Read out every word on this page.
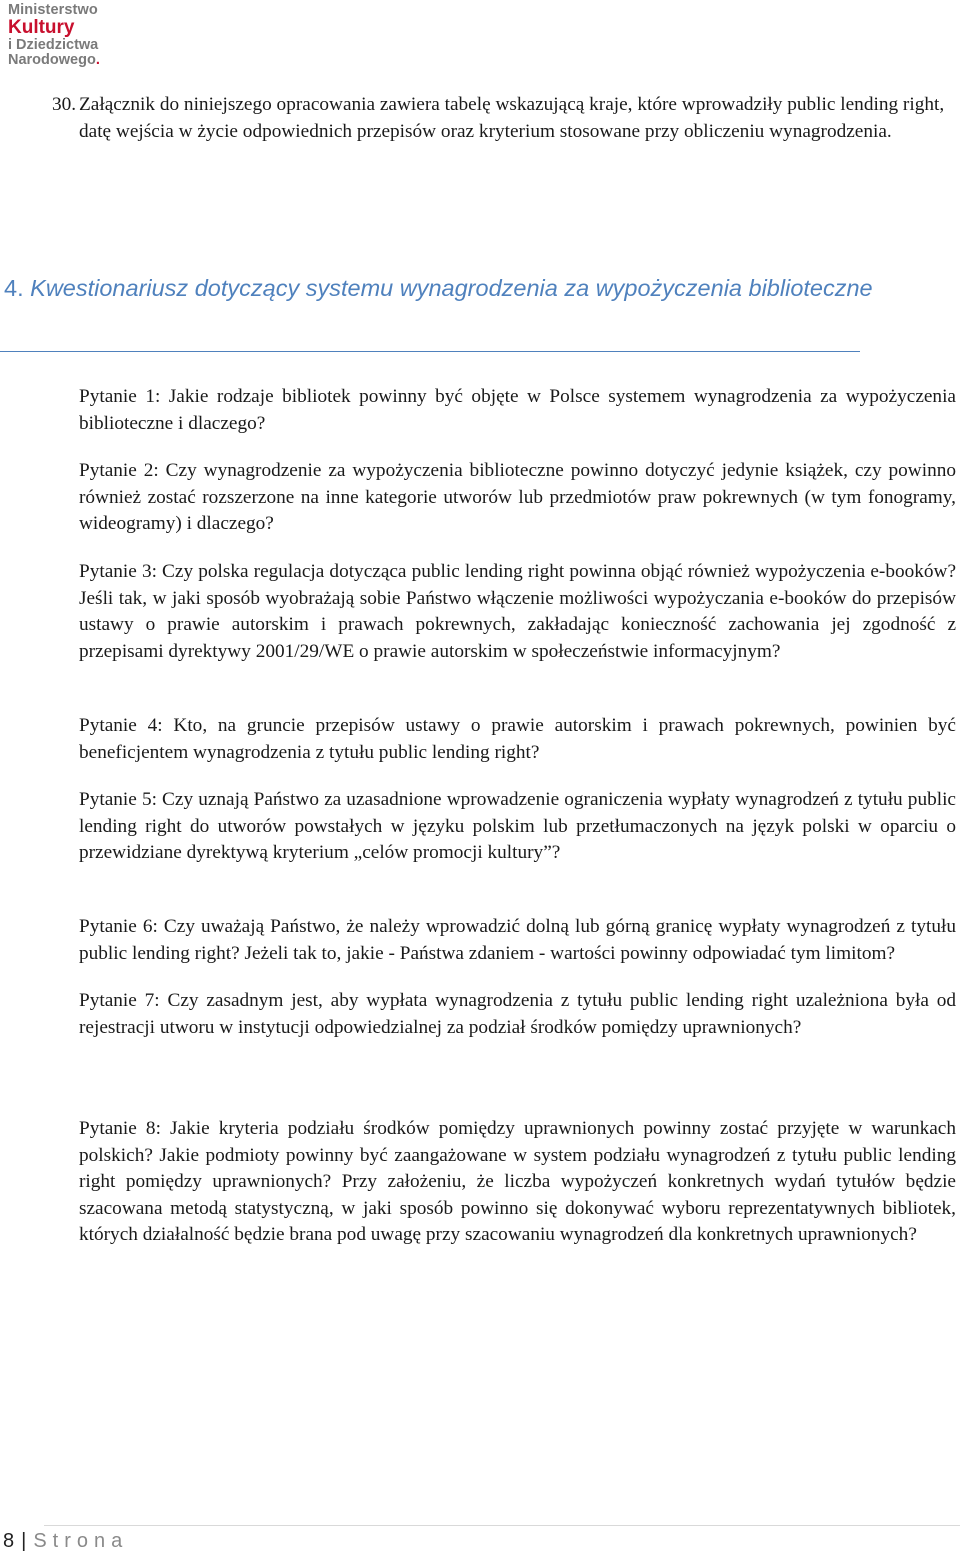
Ministerstwo
Kultury
i Dziedzictwa
Narodowego.
30. Załącznik do niniejszego opracowania zawiera tabelę wskazującą kraje, które wprowadziły public lending right, datę wejścia w życie odpowiednich przepisów oraz kryterium stosowane przy obliczeniu wynagrodzenia.
4. Kwestionariusz dotyczący systemu wynagrodzenia za wypożyczenia biblioteczne

Pytanie 1: Jakie rodzaje bibliotek powinny być objęte w Polsce systemem wynagrodzenia za wypożyczenia biblioteczne i dlaczego?

Pytanie 2: Czy wynagrodzenie za wypożyczenia biblioteczne powinno dotyczyć jedynie książek, czy powinno również zostać rozszerzone na inne kategorie utworów lub przedmiotów praw pokrewnych (w tym fonogramy, wideogramy) i dlaczego?

Pytanie 3: Czy polska regulacja dotycząca public lending right powinna objąć również wypożyczenia e-booków? Jeśli tak, w jaki sposób wyobrażają sobie Państwo włączenie możliwości wypożyczania e-booków do przepisów ustawy o prawie autorskim i prawach pokrewnych, zakładając konieczność zachowania jej zgodność z przepisami dyrektywy 2001/29/WE o prawie autorskim w społeczeństwie informacyjnym?

Pytanie 4: Kto, na gruncie przepisów ustawy o prawie autorskim i prawach pokrewnych, powinien być beneficjentem wynagrodzenia z tytułu public lending right?

Pytanie 5: Czy uznają Państwo za uzasadnione wprowadzenie ograniczenia wypłaty wynagrodzeń z tytułu public lending right do utworów powstałych w języku polskim lub przetłumaczonych na język polski w oparciu o przewidziane dyrektywą kryterium „celów promocji kultury”?

Pytanie 6: Czy uważają Państwo, że należy wprowadzić dolną lub górną granicę wypłaty wynagrodzeń z tytułu public lending right? Jeżeli tak to, jakie - Państwa zdaniem - wartości powinny odpowiadać tym limitom?

Pytanie 7: Czy zasadnym jest, aby wypłata wynagrodzenia z tytułu public lending right uzależniona była od rejestracji utworu w instytucji odpowiedzialnej za podział środków pomiędzy uprawnionych?

Pytanie 8: Jakie kryteria podziału środków pomiędzy uprawnionych powinny zostać przyjęte w warunkach polskich? Jakie podmioty powinny być zaangażowane w system podziału wynagrodzeń z tytułu public lending right pomiędzy uprawnionych? Przy założeniu, że liczba wypożyczeń konkretnych wydań tytułów będzie szacowana metodą statystyczną, w jaki sposób powinno się dokonywać wyboru reprezentatywnych bibliotek, których działalność będzie brana pod uwagę przy szacowaniu wynagrodzeń dla konkretnych uprawnionych?

8 | Strona
